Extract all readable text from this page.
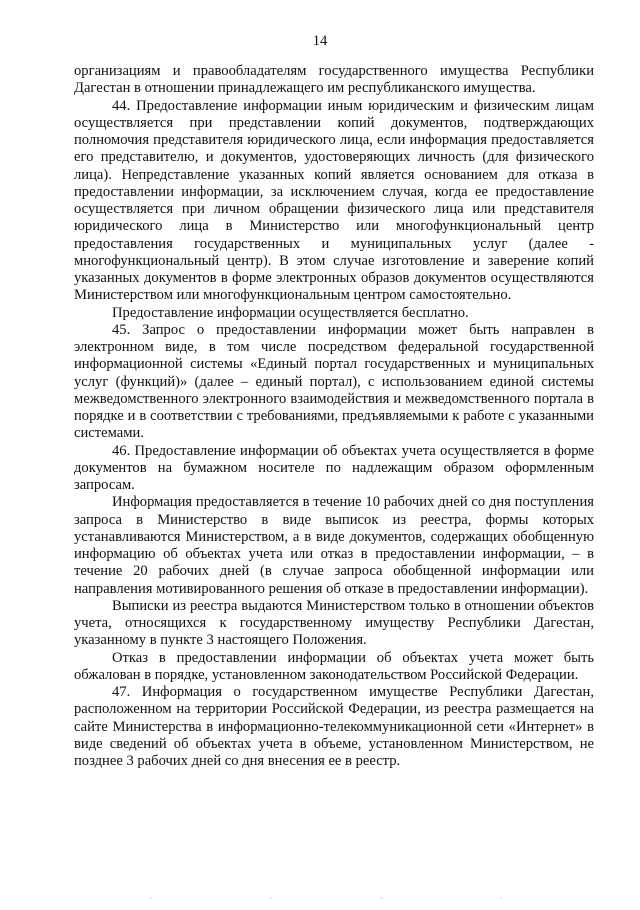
14

организациям и правообладателям государственного имущества Республики Дагестан в отношении принадлежащего им республиканского имущества.

44. Предоставление информации иным юридическим и физическим лицам осуществляется при представлении копий документов, подтверждающих полномочия представителя юридического лица, если информация предоставляется его представителю, и документов, удостоверяющих личность (для физического лица). Непредставление указанных копий является основанием для отказа в предоставлении информации, за исключением случая, когда ее предоставление осуществляется при личном обращении физического лица или представителя юридического лица в Министерство или многофункциональный центр предоставления государственных и муниципальных услуг (далее - многофункциональный центр). В этом случае изготовление и заверение копий указанных документов в форме электронных образов документов осуществляются Министерством или многофункциональным центром самостоятельно.

Предоставление информации осуществляется бесплатно.

45. Запрос о предоставлении информации может быть направлен в электронном виде, в том числе посредством федеральной государственной информационной системы «Единый портал государственных и муниципальных услуг (функций)» (далее – единый портал), с использованием единой системы межведомственного электронного взаимодействия и межведомственного портала в порядке и в соответствии с требованиями, предъявляемыми к работе с указанными системами.

46. Предоставление информации об объектах учета осуществляется в форме документов на бумажном носителе по надлежащим образом оформленным запросам.

Информация предоставляется в течение 10 рабочих дней со дня поступления запроса в Министерство в виде выписок из реестра, формы которых устанавливаются Министерством, а в виде документов, содержащих обобщенную информацию об объектах учета или отказ в предоставлении информации, – в течение 20 рабочих дней (в случае запроса обобщенной информации или направления мотивированного решения об отказе в предоставлении информации).

Выписки из реестра выдаются Министерством только в отношении объектов учета, относящихся к государственному имуществу Республики Дагестан, указанному в пункте 3 настоящего Положения.

Отказ в предоставлении информации об объектах учета может быть обжалован в порядке, установленном законодательством Российской Федерации.

47. Информация о государственном имуществе Республики Дагестан, расположенном на территории Российской Федерации, из реестра размещается на сайте Министерства в информационно-телекоммуникационной сети «Интернет» в виде сведений об объектах учета в объеме, установленном Министерством, не позднее 3 рабочих дней со дня внесения ее в реестр.
